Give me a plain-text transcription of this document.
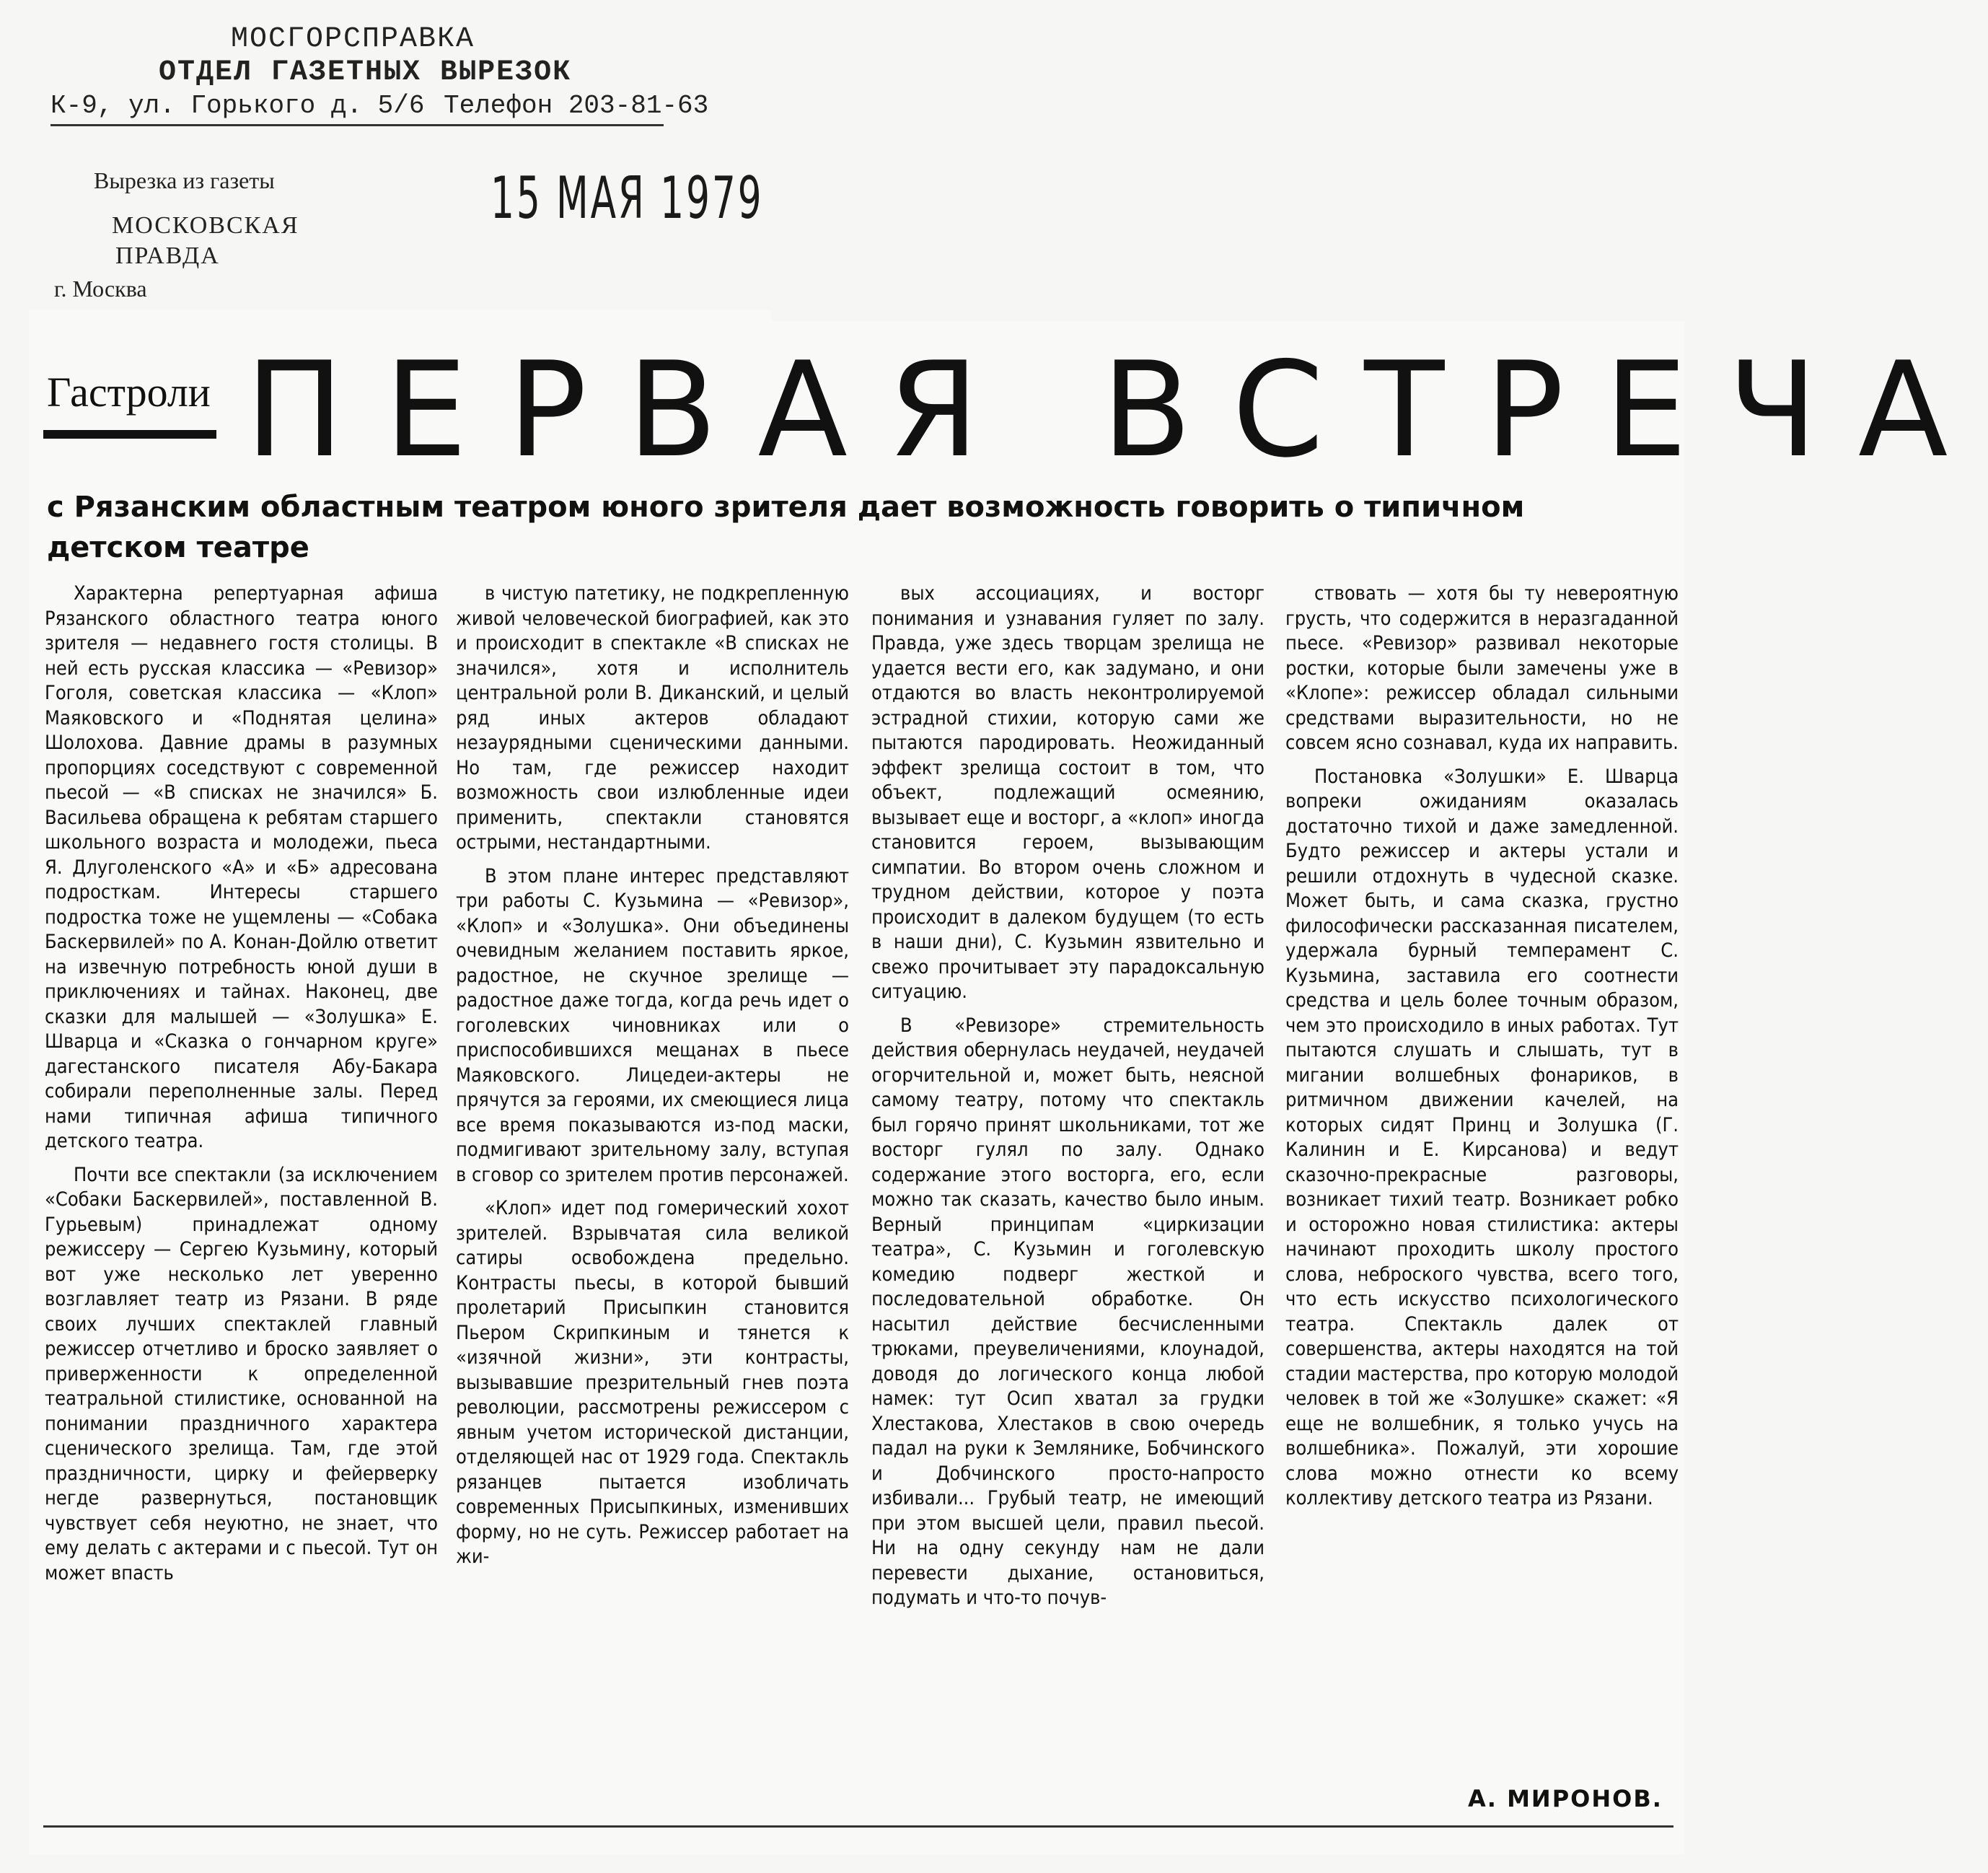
МОСГОРСПРАВКА
ОТДЕЛ ГАЗЕТНЫХ ВЫРЕЗОК
К-9, ул. Горького д. 5/6 Телефон 203-81-63
Вырезка из газеты
МОСКОВСКАЯ
ПРАВДА
г. Москва
15 МАЯ 1979
Гастроли ПЕРВАЯ ВСТРЕЧА
с Рязанским областным театром юного зрителя дает возможность говорить о типичном детском театре

Характерна репертуарная афиша Рязанского областного театра юного зрителя — недавнего гостя столицы. В ней есть русская классика — «Ревизор» Гоголя, советская классика — «Клоп» Маяковского и «Поднятая целина» Шолохова. Давние драмы в разумных пропорциях соседствуют с современной пьесой — «В списках не значился» Б. Васильева обращена к ребятам старшего школьного возраста и молодежи, пьеса Я. Длуголенского «А» и «Б» адресована подросткам. Интересы старшего подростка тоже не ущемлены — «Собака Баскервилей» по А. Конан-Дойлю ответит на извечную потребность юной души в приключениях и тайнах. Наконец, две сказки для малышей — «Золушка» Е. Шварца и «Сказка о гончарном круге» дагестанского писателя Абу-Бакара собирали переполненные залы. Перед нами типичная афиша типичного детского театра.

Почти все спектакли (за исключением «Собаки Баскервилей», поставленной В. Гурьевым) принадлежат одному режиссеру — Сергею Кузьмину, который вот уже несколько лет уверенно возглавляет театр из Рязани. В ряде своих лучших спектаклей главный режиссер отчетливо и броско заявляет о приверженности к определенной театральной стилистике, основанной на понимании праздничного характера сценического зрелища. Там, где этой праздничности, цирку и фейерверку негде развернуться, постановщик чувствует себя неуютно, не знает, что ему делать с актерами и с пьесой. Тут он может впасть

в чистую патетику, не подкрепленную живой человеческой биографией, как это и происходит в спектакле «В списках не значился», хотя и исполнитель центральной роли В. Диканский, и целый ряд иных актеров обладают незаурядными сценическими данными. Но там, где режиссер находит возможность свои излюбленные идеи применить, спектакли становятся острыми, нестандартными.

В этом плане интерес представляют три работы С. Кузьмина — «Ревизор», «Клоп» и «Золушка». Они объединены очевидным желанием поставить яркое, радостное, не скучное зрелище — радостное даже тогда, когда речь идет о гоголевских чиновниках или о приспособившихся мещанах в пьесе Маяковского. Лицедеи-актеры не прячутся за героями, их смеющиеся лица все время показываются из-под маски, подмигивают зрительному залу, вступая в сговор со зрителем против персонажей.

«Клоп» идет под гомерический хохот зрителей. Взрывчатая сила великой сатиры освобождена предельно. Контрасты пьесы, в которой бывший пролетарий Присыпкин становится Пьером Скрипкиным и тянется к «изячной жизни», эти контрасты, вызывавшие презрительный гнев поэта революции, рассмотрены режиссером с явным учетом исторической дистанции, отделяющей нас от 1929 года. Спектакль рязанцев пытается изобличать современных Присыпкиных, изменивших форму, но не суть. Режиссер работает на жи-

вых ассоциациях, и восторг понимания и узнавания гуляет по залу. Правда, уже здесь творцам зрелища не удается вести его, как задумано, и они отдаются во власть неконтролируемой эстрадной стихии, которую сами же пытаются пародировать. Неожиданный эффект зрелища состоит в том, что объект, подлежащий осмеянию, вызывает еще и восторг, а «клоп» иногда становится героем, вызывающим симпатии. Во втором очень сложном и трудном действии, которое у поэта происходит в далеком будущем (то есть в наши дни), С. Кузьмин язвительно и свежо прочитывает эту парадоксальную ситуацию.

В «Ревизоре» стремительность действия обернулась неудачей, неудачей огорчительной и, может быть, неясной самому театру, потому что спектакль был горячо принят школьниками, тот же восторг гулял по залу. Однако содержание этого восторга, его, если можно так сказать, качество было иным. Верный принципам «циркизации театра», С. Кузьмин и гоголевскую комедию подверг жесткой и последовательной обработке. Он насытил действие бесчисленными трюками, преувеличениями, клоунадой, доводя до логического конца любой намек: тут Осип хватал за грудки Хлестакова, Хлестаков в свою очередь падал на руки к Землянике, Бобчинского и Добчинского просто-напросто избивали... Грубый театр, не имеющий при этом высшей цели, правил пьесой. Ни на одну секунду нам не дали перевести дыхание, остановиться, подумать и что-то почув-

ствовать — хотя бы ту невероятную грусть, что содержится в неразгаданной пьесе. «Ревизор» развивал некоторые ростки, которые были замечены уже в «Клопе»: режиссер обладал сильными средствами выразительности, но не совсем ясно сознавал, куда их направить.

Постановка «Золушки» Е. Шварца вопреки ожиданиям оказалась достаточно тихой и даже замедленной. Будто режиссер и актеры устали и решили отдохнуть в чудесной сказке. Может быть, и сама сказка, грустно философически рассказанная писателем, удержала бурный темперамент С. Кузьмина, заставила его соотнести средства и цель более точным образом, чем это происходило в иных работах. Тут пытаются слушать и слышать, тут в мигании волшебных фонариков, в ритмичном движении качелей, на которых сидят Принц и Золушка (Г. Калинин и Е. Кирсанова) и ведут сказочно-прекрасные разговоры, возникает тихий театр. Возникает робко и осторожно новая стилистика: актеры начинают проходить школу простого слова, неброского чувства, всего того, что есть искусство психологического театра. Спектакль далек от совершенства, актеры находятся на той стадии мастерства, про которую молодой человек в той же «Золушке» скажет: «Я еще не волшебник, я только учусь на волшебника». Пожалуй, эти хорошие слова можно отнести ко всему коллективу детского театра из Рязани.

А. МИРОНОВ.
